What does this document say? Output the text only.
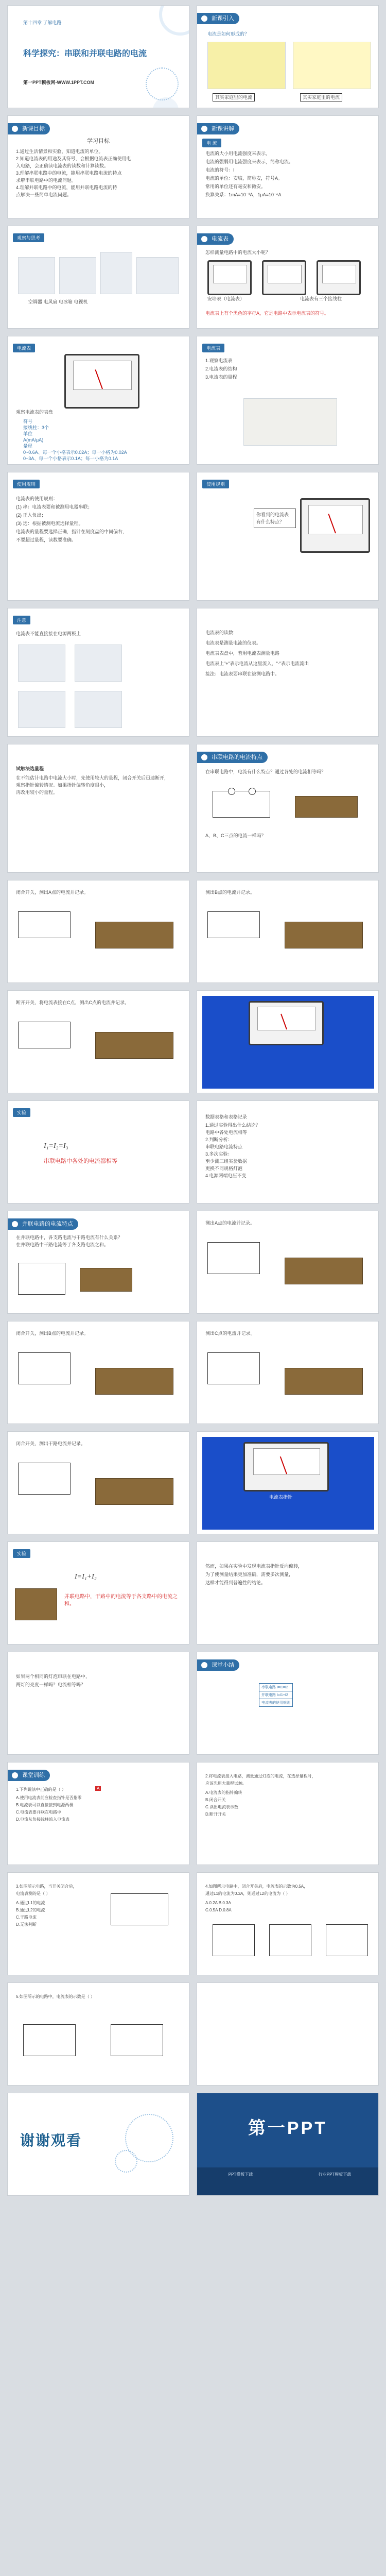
第十四章 了解电路
科学探究：串联和并联电路的电流
第一PPT模板网-WWW.1PPT.COM
新课引入
电流是如何形成的？
其实家庭里的电流	其实家庭里的电流
新课目标
学习目标
1.通过生活情景和实验，知道电流的单位。
2.知道电流表的用途及其符号，会根据电流表正确使用电
入电路，会正确读电流表的读数和计算读数。
3.理解串联电路中的电流，能用串联电路电流的特点
求解串联电路中的电流问题。
4.理解并联电路中的电流，能用并联电路电流的特
点解决一些简单电流问题。
新课讲解
电 流
电流的大小用电流强度来表示。
电流的强弱用电流强度来表示，简称电流。
电流的符号：I
电流的单位：安培，简称安，符号A。
常用的单位还有毫安和微安。
换算关系：1mA=10⁻³A，1μA=10⁻⁶A
观察与思考
空调器 电风扇 电冰箱 电视机
电流表
怎样测量电路中的电流大小呢？
安培表（电流表）	电流表有三个接线柱
电流表上有个黑色的字母A，它是电路中表示电流表的符号。
电流表
观察电流表的表盘
符号
接线柱：3个
单位
A(mA/μA)
量程
0~0.6A、每一个小格表示0.02A；每一小格为0.02A
0~3A、每一个小格表示0.1A；每一小格为0.1A
电流表
1.观察电流表
2.电流表的结构
3.电流表的量程
使用规则
电流表的使用规则：
(1) 串：电流表要和被测用电器串联；
(2) 正入负出；
(3) 选：根据被测电流选择量程。
电流表的量程要选择正确，指针在刻度盘的中间偏右，
不要超过量程，读数要准确。
使用规则
你看到的电流表
有什么特点？
注意
电流表不能直接接在电源两极上	电流表的读数:
电流表是测量电流的仪表。
电流表表盘中，若用电流表测量电路
电流表上"+"表示电流从这里流入，"-"表示电流流出
接法：电流表要串联在被测电路中。
试触法选量程
在不能估计电路中电流大小时，先使用较大的量程，闭合开关后迅速断开，
观察指针偏转情况。如果指针偏转角度很小，
再改用较小的量程。
串联电路的电流特点
在串联电路中，电流有什么特点？通过各处的电流相等吗？
A、B、C三点的电流一样吗？
闭合开关，测出A点的电流并记录。	测出B点的电流并记录。
断开开关，将电流表接在C点，测出C点的电流并记录。
实验
I₁=I₂=I₃
串联电路中各处的电流都相等
数据表格和表格记录
1.通过实验得出什么结论？
电路中各处电流相等
2.判断分析：
串联电路电流特点
3.多次实验：
至少测三组实验数据
更换不同规格灯泡
4.电源两端电压不变
并联电路的电流特点
在并联电路中，各支路电流与干路电流有什么关系？
在并联电路中干路电流等于各支路电流之和。
测出A点的电流并记录。
闭合开关，测出B点的电流并记录。	测出C点的电流并记录。
闭合开关，测出干路电流并记录。
电流表指针
实验
I=I₁+I₂
并联电路中，干路中的电流等于各支路中的电流之和。
然而，如果在实验中发现电流表指针反向偏转，
为了使测量结果更加准确，需要多次测量，
这样才能得到普遍性的结论。
如果两个相同的灯泡串联在电路中，
两灯的亮度一样吗？电流相等吗？
课堂小结
串联电路 I=I1=I2
并联电路 I=I1+I2
电流表的使用规则
课堂训练
1.下列说法中正确的是（ ）	A
A.使用电流表前应检查指针是否指零
B.电流表可以直接接到电源两极
C.电流表要并联在电路中
D.电流从负接线柱流入电流表
2.将电流表接入电路，测量通过灯泡的电流，在选择量程时，
应该先用大量程试触。
A.电流表的指针偏转
B.闭合开关
C.读出电流表示数
D.断开开关
3.如图所示电路，当开关闭合后，
电流表测的是（ ）
A.通过L1的电流
B.通过L2的电流
C.干路电流
D.无法判断
4.如图所示电路中，闭合开关后，电流表的示数为0.5A，
通过L1的电流为0.3A，则通过L2的电流为（ ）
A.0.2A B.0.3A
C.0.5A D.0.8A
5.如图所示的电路中，电流表的示数是（ ）
谢谢观看
第一PPT
PPT模板下载	行业PPT模板下载
